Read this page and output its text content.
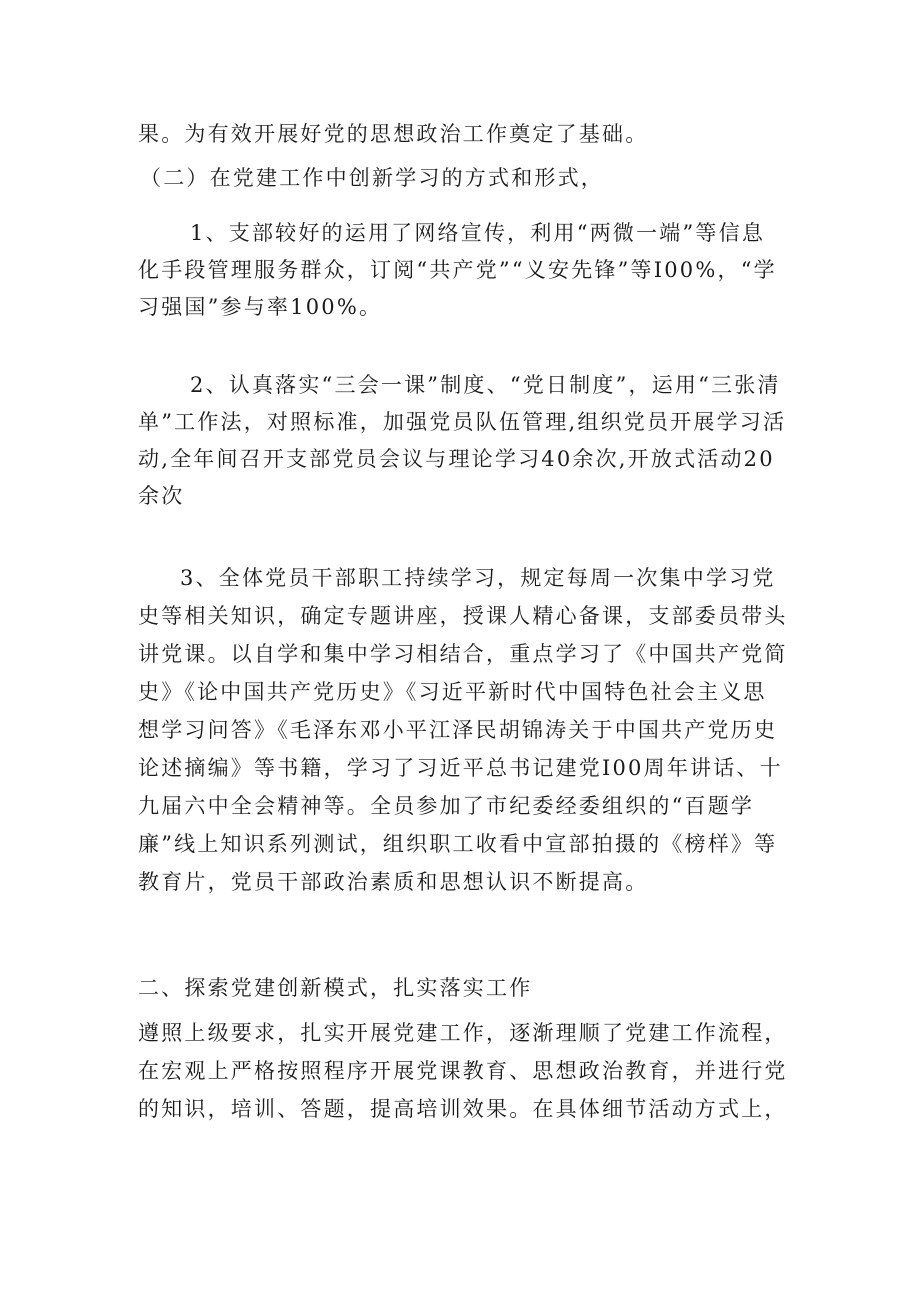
果。为有效开展好党的思想政治工作奠定了基础。

（二）在党建工作中创新学习的方式和形式，

1、支部较好的运用了网络宣传，利用“两微一端”等信息化手段管理服务群众，订阅“共产党”“义安先锋”等I00%，“学习强国”参与率100%。

2、认真落实“三会一课”制度、“党日制度”，运用“三张清单”工作法，对照标准，加强党员队伍管理,组织党员开展学习活动,全年间召开支部党员会议与理论学习40余次,开放式活动20余次

3、全体党员干部职工持续学习，规定每周一次集中学习党史等相关知识，确定专题讲座，授课人精心备课，支部委员带头讲党课。以自学和集中学习相结合，重点学习了《中国共产党简史》《论中国共产党历史》《习近平新时代中国特色社会主义思想学习问答》《毛泽东邓小平江泽民胡锦涛关于中国共产党历史论述摘编》等书籍，学习了习近平总书记建党I00周年讲话、十九届六中全会精神等。全员参加了市纪委经委组织的“百题学廉”线上知识系列测试，组织职工收看中宣部拍摄的《榜样》等教育片，党员干部政治素质和思想认识不断提高。

二、探索党建创新模式，扎实落实工作

遵照上级要求，扎实开展党建工作，逐渐理顺了党建工作流程，在宏观上严格按照程序开展党课教育、思想政治教育，并进行党的知识，培训、答题，提高培训效果。在具体细节活动方式上，
